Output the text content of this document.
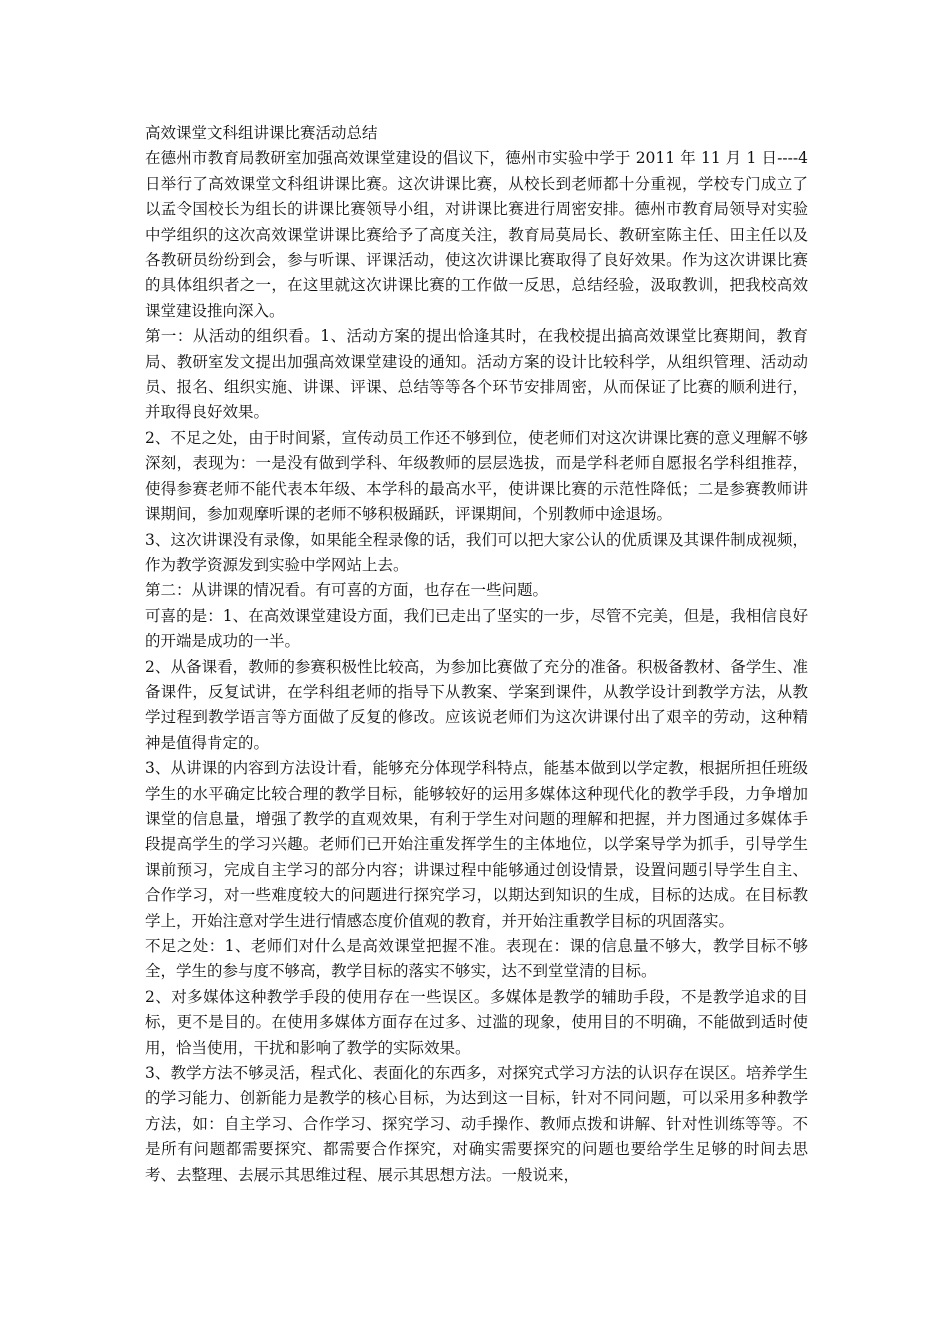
高效课堂文科组讲课比赛活动总结

在德州市教育局教研室加强高效课堂建设的倡议下，德州市实验中学于 2011 年 11 月 1 日----4 日举行了高效课堂文科组讲课比赛。这次讲课比赛，从校长到老师都十分重视，学校专门成立了以孟令国校长为组长的讲课比赛领导小组，对讲课比赛进行周密安排。德州市教育局领导对实验中学组织的这次高效课堂讲课比赛给予了高度关注，教育局莫局长、教研室陈主任、田主任以及各教研员纷纷到会，参与听课、评课活动，使这次讲课比赛取得了良好效果。作为这次讲课比赛的具体组织者之一，在这里就这次讲课比赛的工作做一反思，总结经验，汲取教训，把我校高效课堂建设推向深入。

第一：从活动的组织看。1、活动方案的提出恰逢其时，在我校提出搞高效课堂比赛期间，教育局、教研室发文提出加强高效课堂建设的通知。活动方案的设计比较科学，从组织管理、活动动员、报名、组织实施、讲课、评课、总结等等各个环节安排周密，从而保证了比赛的顺利进行，并取得良好效果。

2、不足之处，由于时间紧，宣传动员工作还不够到位，使老师们对这次讲课比赛的意义理解不够深刻，表现为：一是没有做到学科、年级教师的层层选拔，而是学科老师自愿报名学科组推荐，使得参赛老师不能代表本年级、本学科的最高水平，使讲课比赛的示范性降低；二是参赛教师讲课期间，参加观摩听课的老师不够积极踊跃，评课期间，个别教师中途退场。

3、这次讲课没有录像，如果能全程录像的话，我们可以把大家公认的优质课及其课件制成视频，作为教学资源发到实验中学网站上去。

第二：从讲课的情况看。有可喜的方面，也存在一些问题。

可喜的是：1、在高效课堂建设方面，我们已走出了坚实的一步，尽管不完美，但是，我相信良好的开端是成功的一半。

2、从备课看，教师的参赛积极性比较高，为参加比赛做了充分的准备。积极备教材、备学生、准备课件，反复试讲，在学科组老师的指导下从教案、学案到课件，从教学设计到教学方法，从教学过程到教学语言等方面做了反复的修改。应该说老师们为这次讲课付出了艰辛的劳动，这种精神是值得肯定的。

3、从讲课的内容到方法设计看，能够充分体现学科特点，能基本做到以学定教，根据所担任班级学生的水平确定比较合理的教学目标，能够较好的运用多媒体这种现代化的教学手段，力争增加课堂的信息量，增强了教学的直观效果，有利于学生对问题的理解和把握，并力图通过多媒体手段提高学生的学习兴趣。老师们已开始注重发挥学生的主体地位，以学案导学为抓手，引导学生课前预习，完成自主学习的部分内容；讲课过程中能够通过创设情景，设置问题引导学生自主、合作学习，对一些难度较大的问题进行探究学习，以期达到知识的生成，目标的达成。在目标教学上，开始注意对学生进行情感态度价值观的教育，并开始注重教学目标的巩固落实。

不足之处：1、老师们对什么是高效课堂把握不准。表现在：课的信息量不够大，教学目标不够全，学生的参与度不够高，教学目标的落实不够实，达不到堂堂清的目标。

2、对多媒体这种教学手段的使用存在一些误区。多媒体是教学的辅助手段，不是教学追求的目标，更不是目的。在使用多媒体方面存在过多、过滥的现象，使用目的不明确，不能做到适时使用，恰当使用，干扰和影响了教学的实际效果。

3、教学方法不够灵活，程式化、表面化的东西多，对探究式学习方法的认识存在误区。培养学生的学习能力、创新能力是教学的核心目标，为达到这一目标，针对不同问题，可以采用多种教学方法，如：自主学习、合作学习、探究学习、动手操作、教师点拨和讲解、针对性训练等等。不是所有问题都需要探究、都需要合作探究，对确实需要探究的问题也要给学生足够的时间去思考、去整理、去展示其思维过程、展示其思想方法。一般说来，
